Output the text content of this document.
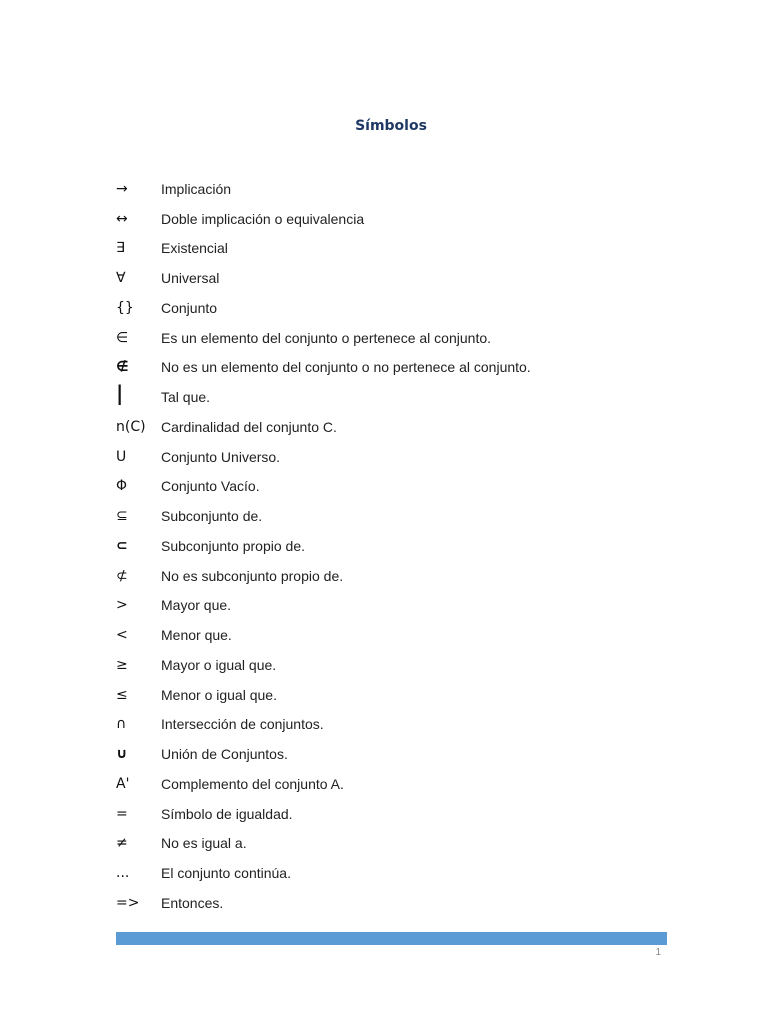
Símbolos
→	Implicación
↔	Doble implicación o equivalencia
∃	Existencial
∀	Universal
{}	Conjunto
∈	Es un elemento del conjunto o pertenece al conjunto.
∉	No es un elemento del conjunto o no pertenece al conjunto.
|	Tal que.
n(C)	Cardinalidad del conjunto C.
U	Conjunto Universo.
Φ	Conjunto Vacío.
⊆	Subconjunto de.
⊂	Subconjunto propio de.
⊄	No es subconjunto propio de.
>	Mayor que.
<	Menor que.
≥	Mayor o igual que.
≤	Menor o igual que.
∩	Intersección de conjuntos.
∪	Unión de Conjuntos.
A'	Complemento del conjunto A.
=	Símbolo de igualdad.
≠	No es igual a.
...	El conjunto continúa.
=>	Entonces.
1
